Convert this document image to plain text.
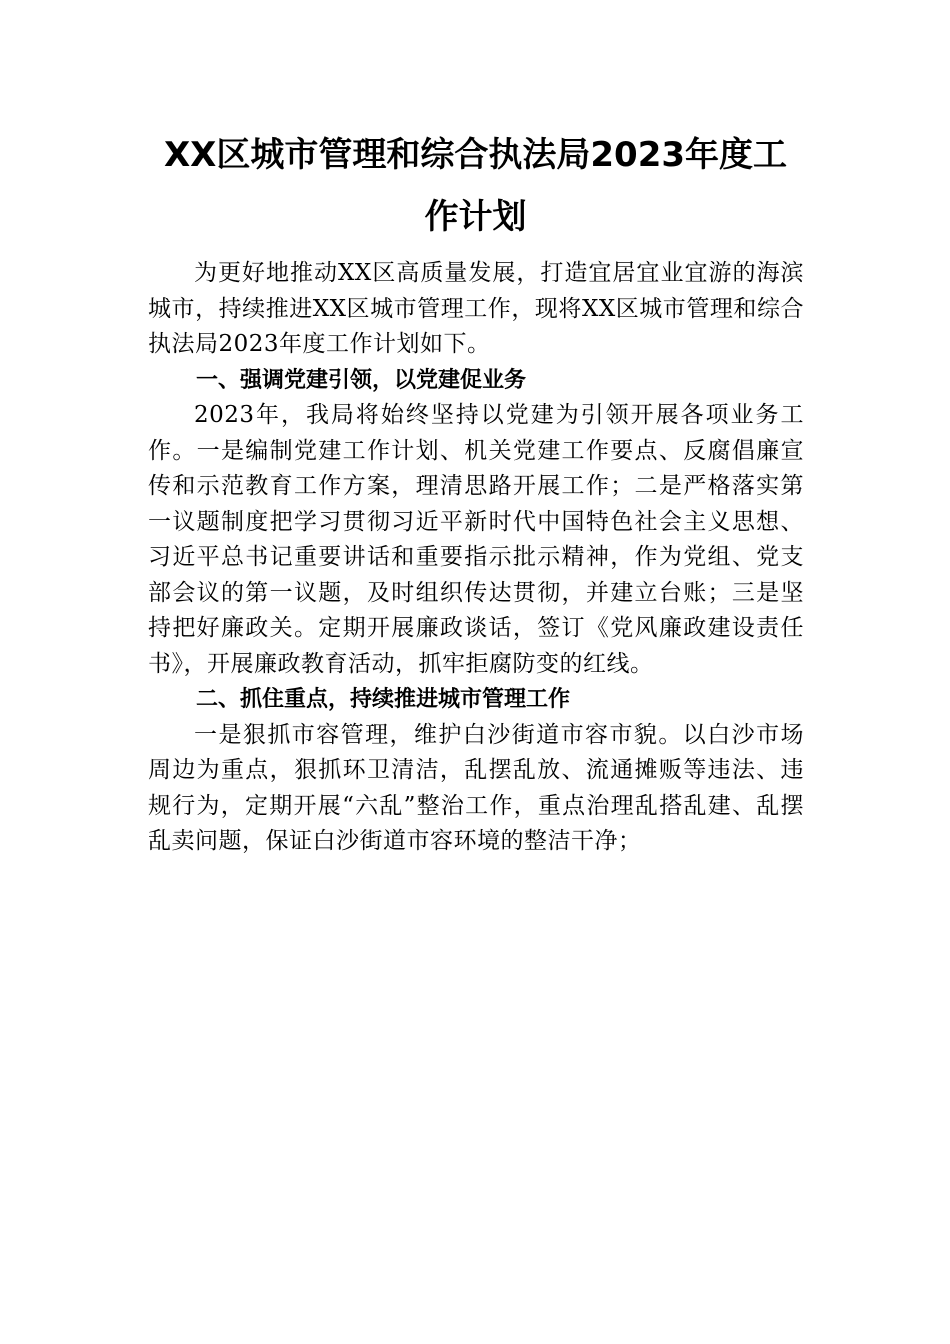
XX区城市管理和综合执法局2023年度工作计划

为更好地推动XX区高质量发展，打造宜居宜业宜游的海滨城市，持续推进XX区城市管理工作，现将XX区城市管理和综合执法局2023年度工作计划如下。

一、强调党建引领，以党建促业务

2023年，我局将始终坚持以党建为引领开展各项业务工作。一是编制党建工作计划、机关党建工作要点、反腐倡廉宣传和示范教育工作方案，理清思路开展工作；二是严格落实第一议题制度把学习贯彻习近平新时代中国特色社会主义思想、习近平总书记重要讲话和重要指示批示精神，作为党组、党支部会议的第一议题，及时组织传达贯彻，并建立台账；三是坚持把好廉政关。定期开展廉政谈话，签订《党风廉政建设责任书》，开展廉政教育活动，抓牢拒腐防变的红线。

二、抓住重点，持续推进城市管理工作

一是狠抓市容管理，维护白沙街道市容市貌。以白沙市场周边为重点，狠抓环卫清洁，乱摆乱放、流通摊贩等违法、违规行为，定期开展“六乱”整治工作，重点治理乱搭乱建、乱摆乱卖问题，保证白沙街道市容环境的整洁干净；
